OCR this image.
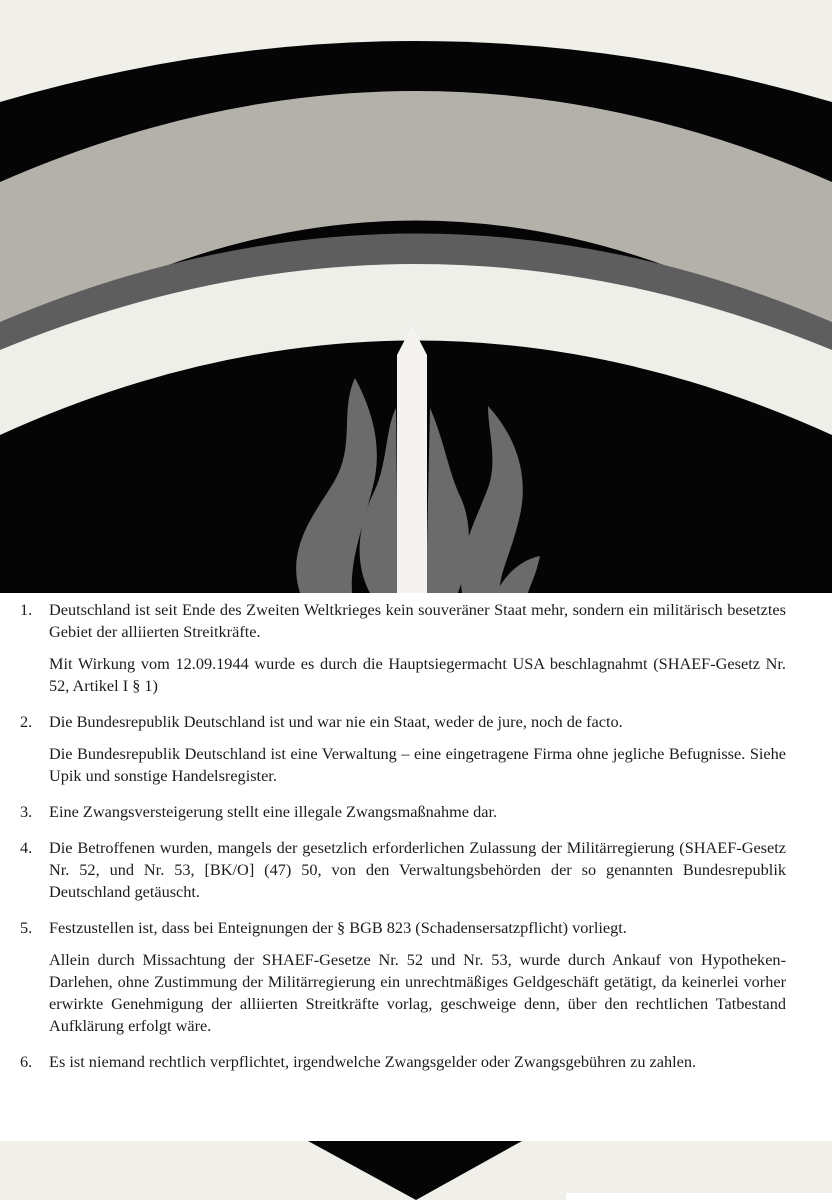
1. Deutschland ist seit Ende des Zweiten Weltkrieges kein souveräner Staat mehr, sondern ein militärisch besetztes Gebiet der alliierten Streitkräfte.

Mit Wirkung vom 12.09.1944 wurde es durch die Hauptsiegermacht USA beschlagnahmt (SHAEF-Gesetz Nr. 52, Artikel I § 1)

2. Die Bundesrepublik Deutschland ist und war nie ein Staat, weder de jure, noch de facto.

Die Bundesrepublik Deutschland ist eine Verwaltung – eine eingetragene Firma ohne jegliche Befugnisse. Siehe Upik und sonstige Handelsregister.

3. Eine Zwangsversteigerung stellt eine illegale Zwangsmaßnahme dar.

4. Die Betroffenen wurden, mangels der gesetzlich erforderlichen Zulassung der Militärregierung (SHAEF-Gesetz Nr. 52, und Nr. 53, [BK/O] (47) 50, von den Verwaltungsbehörden der so genannten Bundesrepublik Deutschland getäuscht.

5. Festzustellen ist, dass bei Enteignungen der § BGB 823 (Schadensersatzpflicht) vorliegt.

Allein durch Missachtung der SHAEF-Gesetze Nr. 52 und Nr. 53, wurde durch Ankauf von Hypotheken-Darlehen, ohne Zustimmung der Militärregierung ein unrechtmäßiges Geldgeschäft getätigt, da keinerlei vorher erwirkte Genehmigung der alliierten Streitkräfte vorlag, geschweige denn, über den rechtlichen Tatbestand Aufklärung erfolgt wäre.

6. Es ist niemand rechtlich verpflichtet, irgendwelche Zwangsgelder oder Zwangsgebühren zu zahlen.
